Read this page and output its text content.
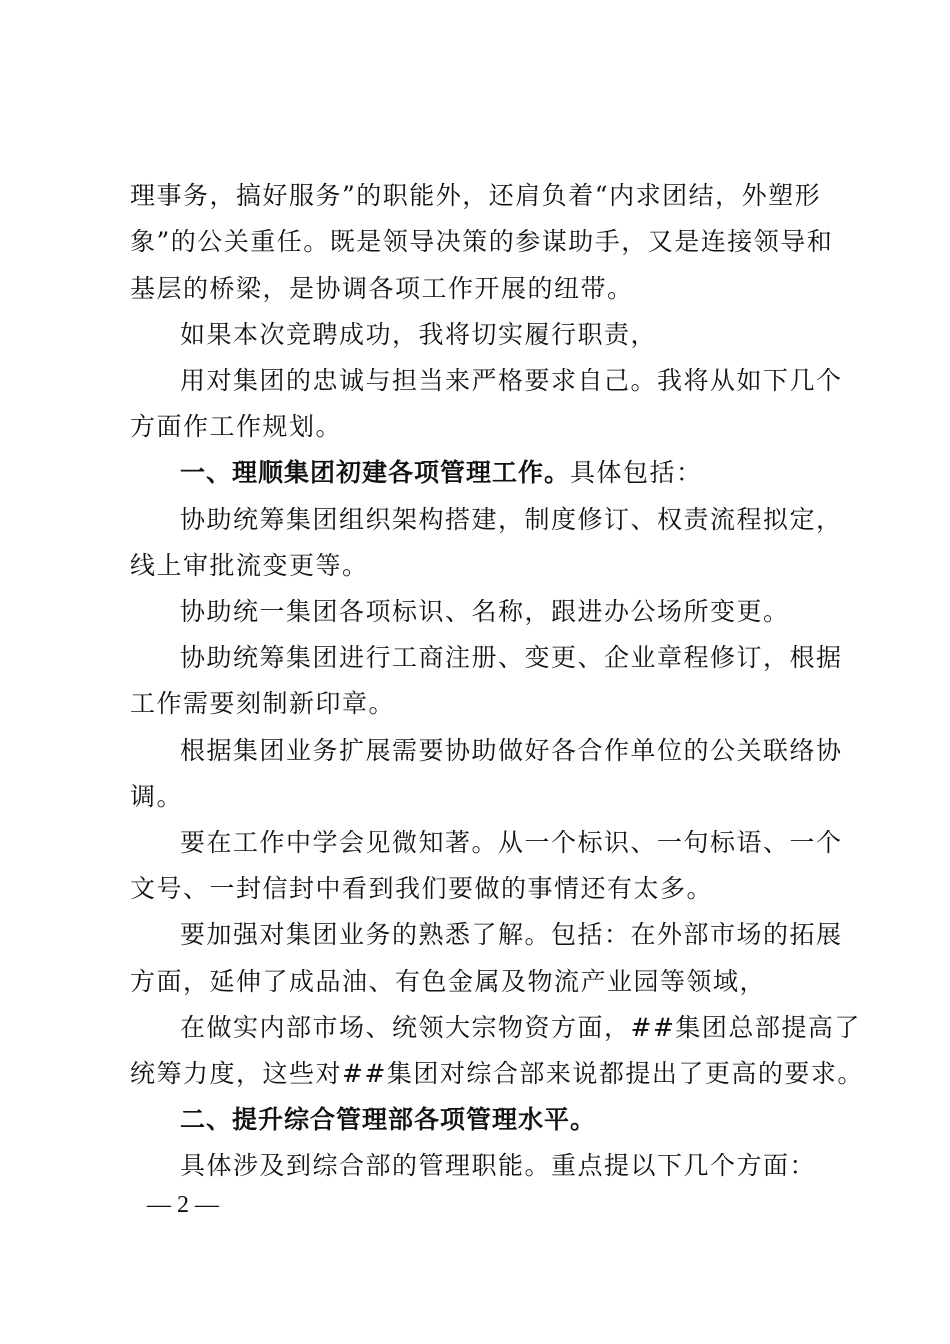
理事务，搞好服务”的职能外，还肩负着“内求团结，外塑形
象”的公关重任。既是领导决策的参谋助手，又是连接领导和
基层的桥梁，是协调各项工作开展的纽带。
如果本次竞聘成功，我将切实履行职责，
用对集团的忠诚与担当来严格要求自己。我将从如下几个
方面作工作规划。
一、理顺集团初建各项管理工作。具体包括：
协助统筹集团组织架构搭建，制度修订、权责流程拟定，
线上审批流变更等。
协助统一集团各项标识、名称，跟进办公场所变更。
协助统筹集团进行工商注册、变更、企业章程修订，根据
工作需要刻制新印章。
根据集团业务扩展需要协助做好各合作单位的公关联络协
调。
要在工作中学会见微知著。从一个标识、一句标语、一个
文号、一封信封中看到我们要做的事情还有太多。
要加强对集团业务的熟悉了解。包括：在外部市场的拓展
方面，延伸了成品油、有色金属及物流产业园等领域，
在做实内部市场、统领大宗物资方面，##集团总部提高了
统筹力度，这些对##集团对综合部来说都提出了更高的要求。
二、提升综合管理部各项管理水平。
具体涉及到综合部的管理职能。重点提以下几个方面：
— 2 —
